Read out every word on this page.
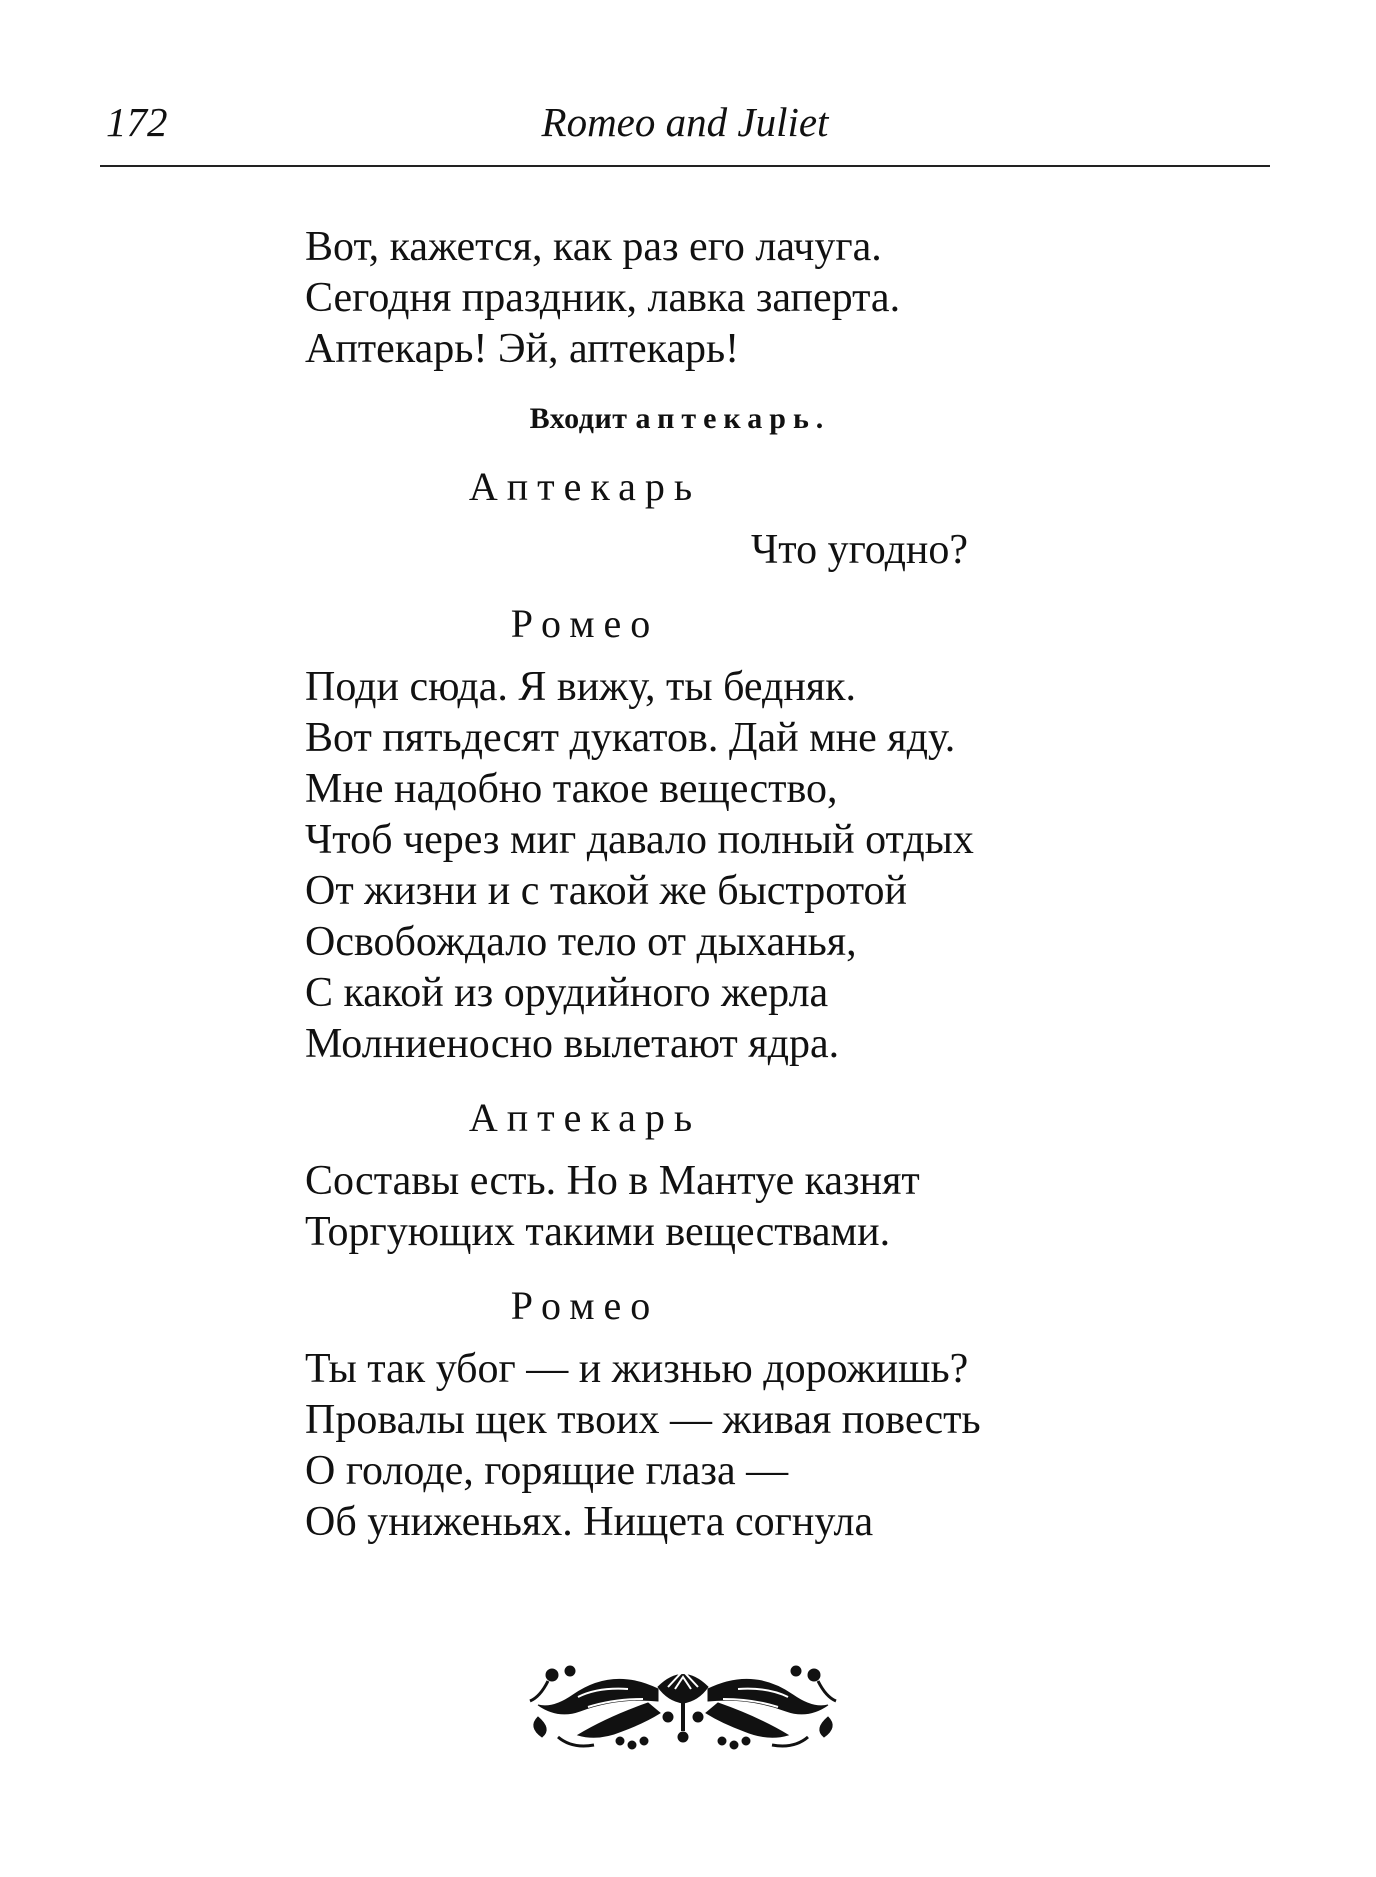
172	Romeo and Juliet
Вот, кажется, как раз его лачуга.
Сегодня праздник, лавка заперта.
Аптекарь! Эй, аптекарь!
Входит аптекарь.
Аптекарь
Что угодно?
Ромео
Поди сюда. Я вижу, ты бедняк.
Вот пятьдесят дукатов. Дай мне яду.
Мне надобно такое вещество,
Чтоб через миг давало полный отдых
От жизни и с такой же быстротой
Освобождало тело от дыханья,
С какой из орудийного жерла
Молниеносно вылетают ядра.
Аптекарь
Составы есть. Но в Мантуе казнят
Торгующих такими веществами.
Ромео
Ты так убог — и жизнью дорожишь?
Провалы щек твоих — живая повесть
О голоде, горящие глаза —
Об униженьях. Нищета согнула
